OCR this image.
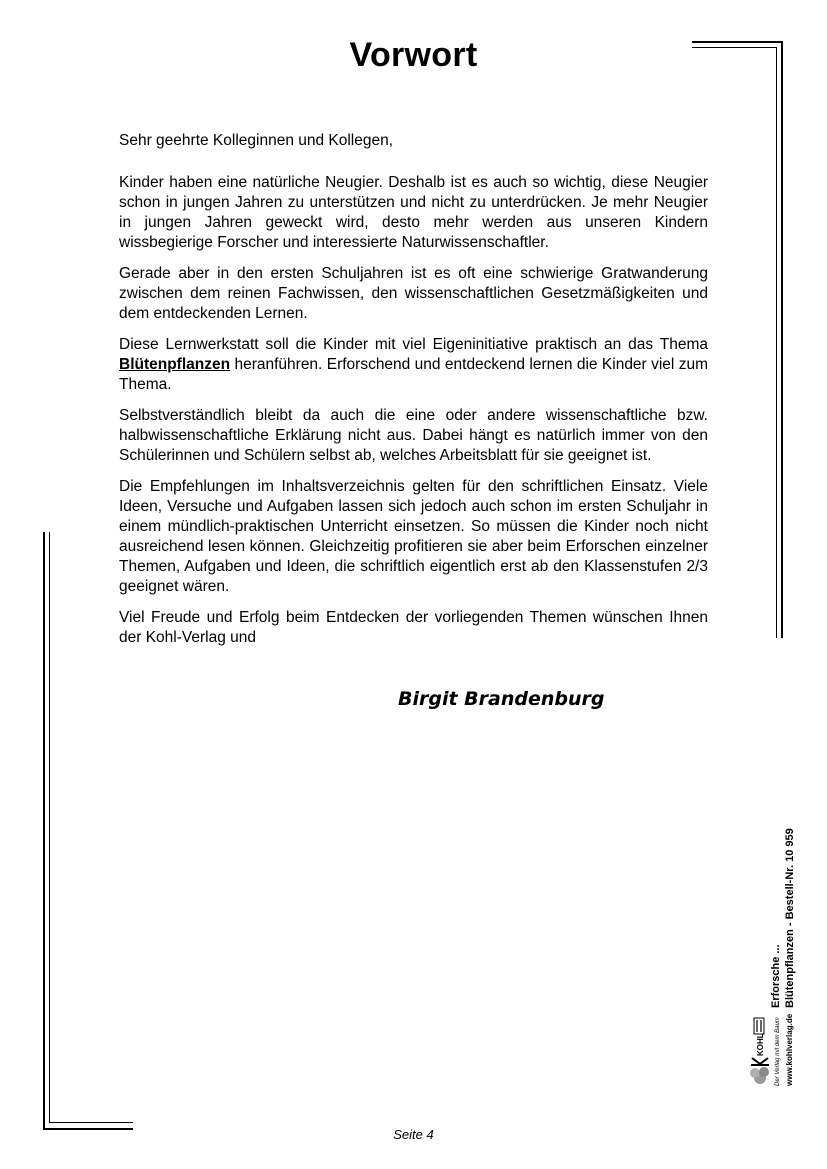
Vorwort

Sehr geehrte Kolleginnen und Kollegen,

Kinder haben eine natürliche Neugier. Deshalb ist es auch so wichtig, diese Neugier schon in jungen Jahren zu unterstützen und nicht zu unterdrücken. Je mehr Neugier in jungen Jahren geweckt wird, desto mehr werden aus unseren Kindern wissbegierige Forscher und interessierte Naturwissenschaftler.

Gerade aber in den ersten Schuljahren ist es oft eine schwierige Gratwanderung zwischen dem reinen Fachwissen, den wissenschaftlichen Gesetzmäßigkeiten und dem entdeckenden Lernen.

Diese Lernwerkstatt soll die Kinder mit viel Eigeninitiative praktisch an das Thema Blütenpflanzen heranführen. Erforschend und entdeckend lernen die Kinder viel zum Thema.

Selbstverständlich bleibt da auch die eine oder andere wissenschaftliche bzw. halbwissenschaftliche Erklärung nicht aus. Dabei hängt es natürlich immer von den Schülerinnen und Schülern selbst ab, welches Arbeitsblatt für sie geeignet ist.

Die Empfehlungen im Inhaltsverzeichnis gelten für den schriftlichen Einsatz. Viele Ideen, Versuche und Aufgaben lassen sich jedoch auch schon im ersten Schuljahr in einem mündlich-praktischen Unterricht einsetzen. So müssen die Kinder noch nicht ausreichend lesen können. Gleichzeitig profitieren sie aber beim Erforschen einzelner Themen, Aufgaben und Ideen, die schriftlich eigentlich erst ab den Klassenstufen 2/3 geeignet wären.

Viel Freude und Erfolg beim Entdecken der vorliegenden Themen wünschen Ihnen der Kohl-Verlag und

Birgit Brandenburg
KOHL Der Verlag mit dem Baum www.kohlverlag.de
Erforsche ... Blütenpflanzen - Bestell-Nr. 10 959
Seite 4
